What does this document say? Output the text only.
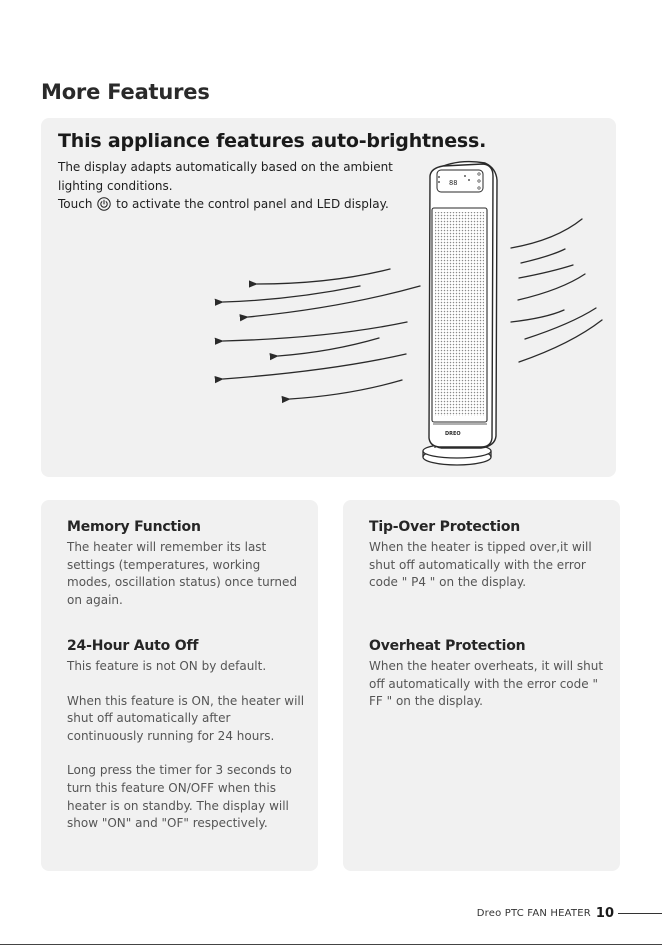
More Features
This appliance features auto-brightness.

The display adapts automatically based on the ambient lighting conditions.

Touch to activate the control panel and LED display.

88
DREO
Memory Function

The heater will remember its last settings (temperatures, working modes, oscillation status) once turned on again.

24-Hour Auto Off

This feature is not ON by default.

When this feature is ON, the heater will shut off automatically after continuously running for 24 hours.

Long press the timer for 3 seconds to turn this feature ON/OFF when this heater is on standby. The display will show "ON" and "OF" respectively.

Tip-Over Protection

When the heater is tipped over,it will shut off automatically with the error code " P4 " on the display.

Overheat Protection

When the heater overheats, it will shut off automatically with the error code " FF " on the display.

Dreo PTC FAN HEATER 10
